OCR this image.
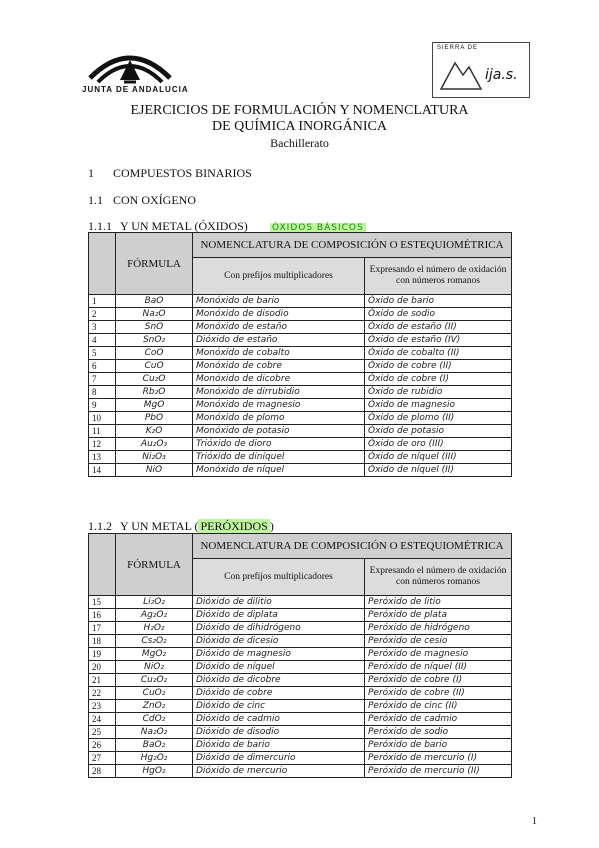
JUNTA DE ANDALUCIA
SIERRA DE
ija.s.
EJERCICIOS DE FORMULACIÓN Y NOMENCLATURA
DE QUÍMICA INORGÁNICA
Bachillerato
1 COMPUESTOS BINARIOS
1.1 CON OXÍGENO
1.1.1 Y UN METAL (ÓXIDOS)	ÓXIDOS BÁSICOS
	FÓRMULA	NOMENCLATURA DE COMPOSICIÓN O ESTEQUIOMÉTRICA	
		Con prefijos multiplicadores	Expresando el número de oxidación con números romanos
1	BaO	Monóxido de bario	Óxido de bario
2	Na₂O	Monóxido de disodio	Óxido de sodio
3	SnO	Monóxido de estaño	Óxido de estaño (II)
4	SnO₂	Dióxido de estaño	Óxido de estaño (IV)
5	CoO	Monóxido de cobalto	Óxido de cobalto (II)
6	CuO	Monóxido de cobre	Óxido de cobre (II)
7	Cu₂O	Monóxido de dicobre	Óxido de cobre (I)
8	Rb₂O	Monóxido de dirrubidio	Óxido de rubidio
9	MgO	Monóxido de magnesio	Óxido de magnesio
10	PbO	Monóxido de plomo	Óxido de plomo (II)
11	K₂O	Monóxido de potasio	Óxido de potasio
12	Au₂O₃	Trióxido de dioro	Óxido de oro (III)
13	Ni₂O₃	Trióxido de diníquel	Óxido de níquel (III)
14	NiO	Monóxido de níquel	Óxido de níquel (II)
1.1.2 Y UN METAL ( PERÓXIDOS )
	FÓRMULA	NOMENCLATURA DE COMPOSICIÓN O ESTEQUIOMÉTRICA	
		Con prefijos multiplicadores	Expresando el número de oxidación con números romanos
15	Li₂O₂	Dióxido de dilitio	Peróxido de litio
16	Ag₂O₂	Dióxido de diplata	Peróxido de plata
17	H₂O₂	Dióxido de dihidrógeno	Peróxido de hidrógeno
18	Cs₂O₂	Dióxido de dicesio	Peróxido de cesio
19	MgO₂	Dióxido de magnesio	Peróxido de magnesio
20	NiO₂	Dióxido de níquel	Peróxido de níquel (II)
21	Cu₂O₂	Dióxido de dicobre	Peróxido de cobre (I)
22	CuO₂	Dióxido de cobre	Peróxido de cobre (II)
23	ZnO₂	Dióxido de cinc	Peróxido de cinc (II)
24	CdO₂	Dióxido de cadmio	Peróxido de cadmio
25	Na₂O₂	Dióxido de disodio	Peróxido de sodio
26	BaO₂	Dióxido de bario	Peróxido de bario
27	Hg₂O₂	Dióxido de dimercurio	Peróxido de mercurio (I)
28	HgO₂	Dióxido de mercurio	Peróxido de mercurio (II)
1
